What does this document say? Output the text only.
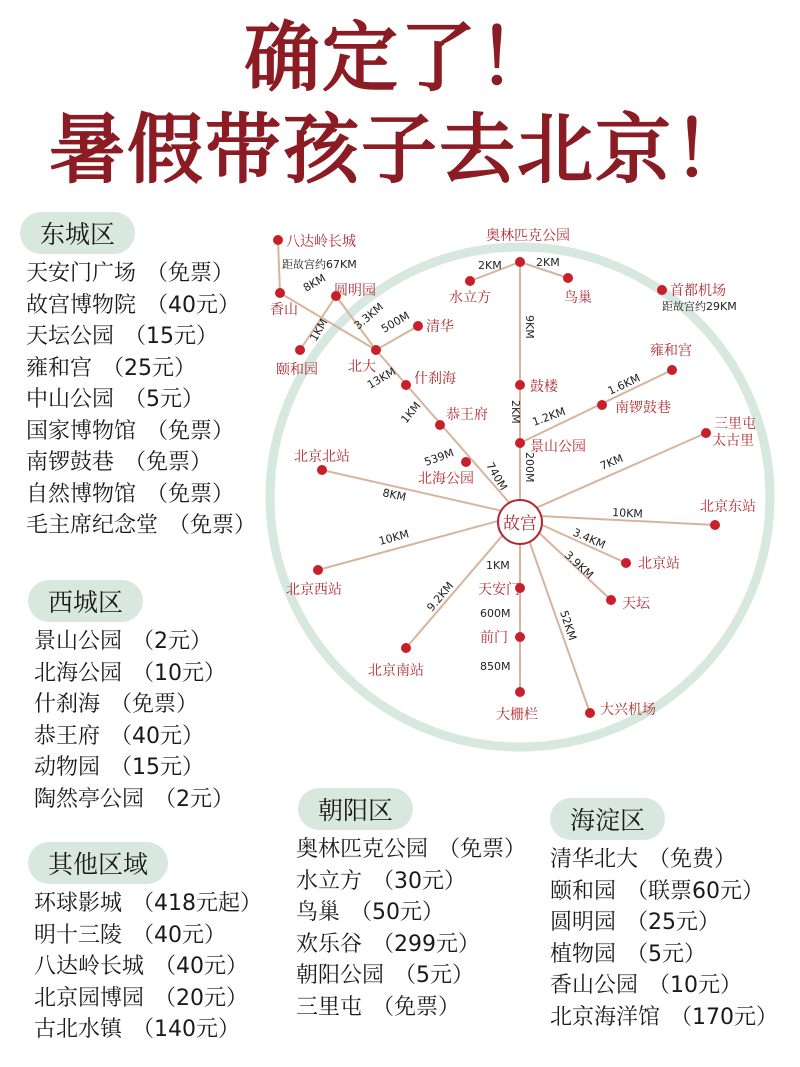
确定了！
暑假带孩子去北京！
东城区
天安门广场 （免票）
故宫博物院 （40元）
天坛公园 （15元）
雍和宫 （25元）
中山公园 （5元）
国家博物馆 （免票）
南锣鼓巷 （免票）
自然博物馆 （免票）
毛主席纪念堂 （免票）
西城区
景山公园 （2元）
北海公园 （10元）
什刹海 （免票）
恭王府 （40元）
动物园 （15元）
陶然亭公园 （2元）
其他区域
环球影城 （418元起）
明十三陵 （40元）
八达岭长城 （40元）
北京园博园 （20元）
古北水镇 （140元）
朝阳区
奥林匹克公园 （免票）
水立方 （30元）
鸟巢 （50元）
欢乐谷 （299元）
朝阳公园 （5元）
三里屯 （免票）
海淀区
清华北大 （免费）
颐和园 （联票60元）
圆明园 （25元）
植物园 （5元）
香山公园 （10元）
北京海洋馆 （170元）
故宫
八达岭长城
距故宫约67KM
奥林匹克公园
水立方	鸟巢	首都机场
距故宫约29KM
香山
圆明园
清华
颐和园 北大
什刹海	鼓楼
雍和宫
南锣鼓巷
恭王府
景山公园
三里屯
太古里
北京北站
北海公园
北京东站
北京站
北京西站
天坛
天安门
前门
北京南站
大栅栏	大兴机场
2KM	2KM
9KM
8KM
3.3KM
500M
1KM
13KM
1KM
1.6KM
1.2KM
2KM
539M
740M 200M	7KM
8KM
10KM
10KM	3.4KM
3.9KM
1KM
600M
850M
9.2KM
52KM
